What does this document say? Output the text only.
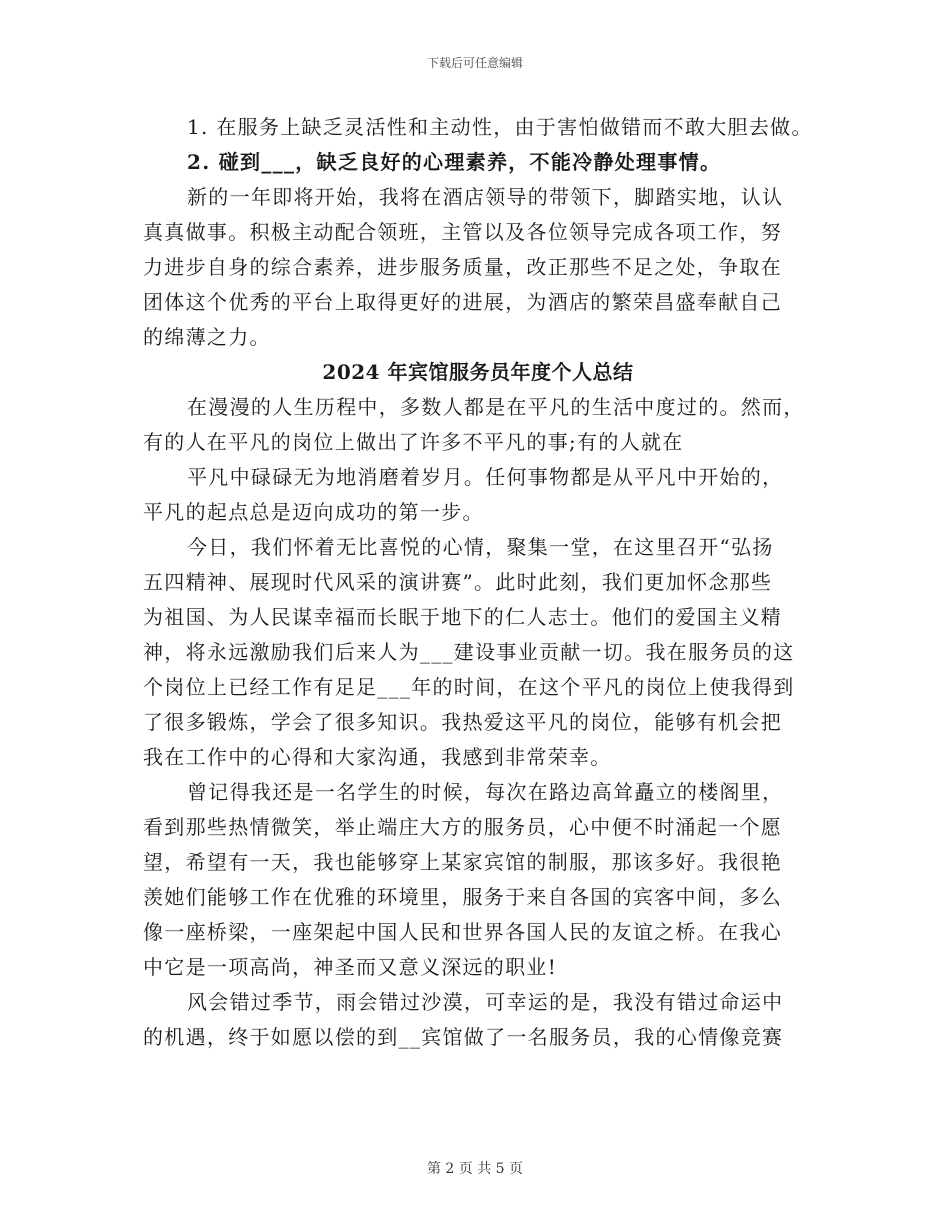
下载后可任意编辑
1. 在服务上缺乏灵活性和主动性，由于害怕做错而不敢大胆去做。
2. 碰到___，缺乏良好的心理素养，不能冷静处理事情。
新的一年即将开始，我将在酒店领导的带领下，脚踏实地，认认
真真做事。积极主动配合领班，主管以及各位领导完成各项工作，努
力进步自身的综合素养，进步服务质量，改正那些不足之处，争取在
团体这个优秀的平台上取得更好的进展，为酒店的繁荣昌盛奉献自己
的绵薄之力。
2024 年宾馆服务员年度个人总结
在漫漫的人生历程中，多数人都是在平凡的生活中度过的。然而，
有的人在平凡的岗位上做出了许多不平凡的事;有的人就在
平凡中碌碌无为地消磨着岁月。任何事物都是从平凡中开始的，
平凡的起点总是迈向成功的第一步。
今日，我们怀着无比喜悦的心情，聚集一堂，在这里召开“弘扬
五四精神、展现时代风采的演讲赛”。此时此刻，我们更加怀念那些
为祖国、为人民谋幸福而长眠于地下的仁人志士。他们的爱国主义精
神，将永远激励我们后来人为___建设事业贡献一切。我在服务员的这
个岗位上已经工作有足足___年的时间，在这个平凡的岗位上使我得到
了很多锻炼，学会了很多知识。我热爱这平凡的岗位，能够有机会把
我在工作中的心得和大家沟通，我感到非常荣幸。
曾记得我还是一名学生的时候，每次在路边高耸矗立的楼阁里，
看到那些热情微笑，举止端庄大方的服务员，心中便不时涌起一个愿
望，希望有一天，我也能够穿上某家宾馆的制服，那该多好。我很艳
羡她们能够工作在优雅的环境里，服务于来自各国的宾客中间，多么
像一座桥梁，一座架起中国人民和世界各国人民的友谊之桥。在我心
中它是一项高尚，神圣而又意义深远的职业!
风会错过季节，雨会错过沙漠，可幸运的是，我没有错过命运中
的机遇，终于如愿以偿的到__宾馆做了一名服务员，我的心情像竞赛
第 2 页 共 5 页
